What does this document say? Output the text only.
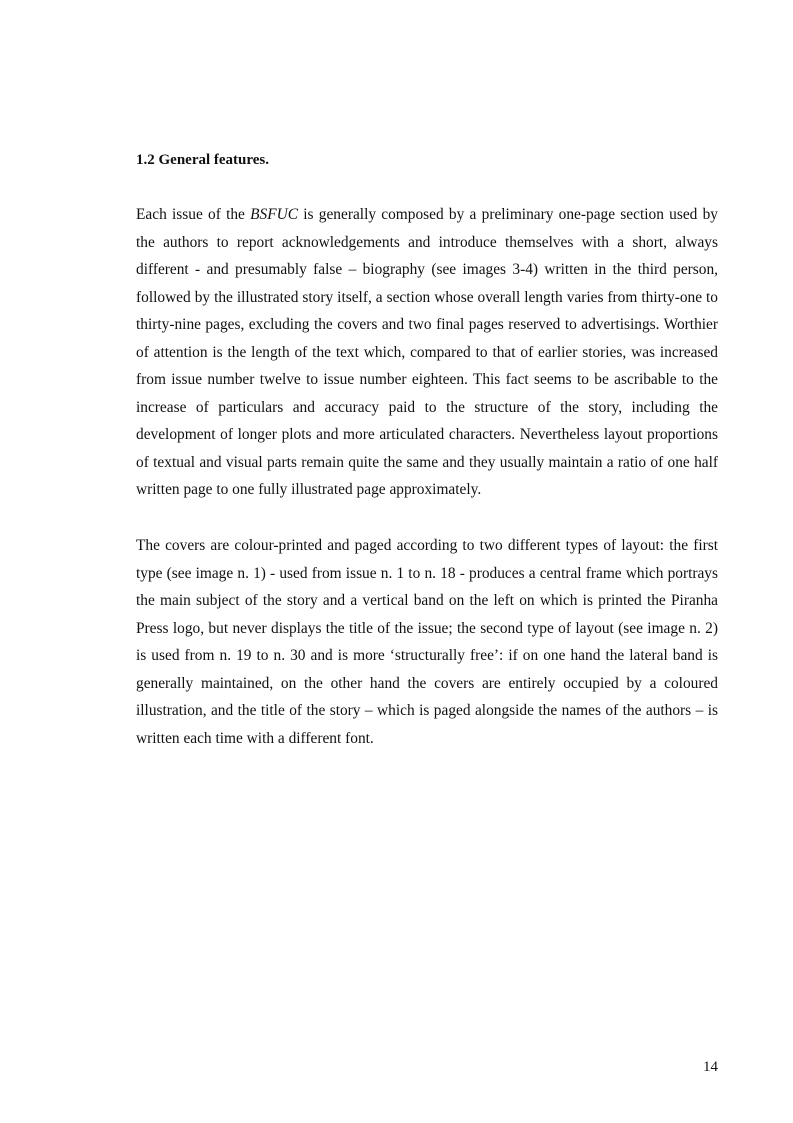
1.2 General features.

Each issue of the BSFUC is generally composed by a preliminary one-page section used by the authors to report acknowledgements and introduce themselves with a short, always different - and presumably false – biography (see images 3-4) written in the third person, followed by the illustrated story itself, a section whose overall length varies from thirty-one to thirty-nine pages, excluding the covers and two final pages reserved to advertisings. Worthier of attention is the length of the text which, compared to that of earlier stories, was increased from issue number twelve to issue number eighteen. This fact seems to be ascribable to the increase of particulars and accuracy paid to the structure of the story, including the development of longer plots and more articulated characters. Nevertheless layout proportions of textual and visual parts remain quite the same and they usually maintain a ratio of one half written page to one fully illustrated page approximately.

The covers are colour-printed and paged according to two different types of layout: the first type (see image n. 1) - used from issue n. 1 to n. 18 - produces a central frame which portrays the main subject of the story and a vertical band on the left on which is printed the Piranha Press logo, but never displays the title of the issue; the second type of layout (see image n. 2) is used from n. 19 to n. 30 and is more ‘structurally free’: if on one hand the lateral band is generally maintained, on the other hand the covers are entirely occupied by a coloured illustration, and the title of the story – which is paged alongside the names of the authors – is written each time with a different font.

14
